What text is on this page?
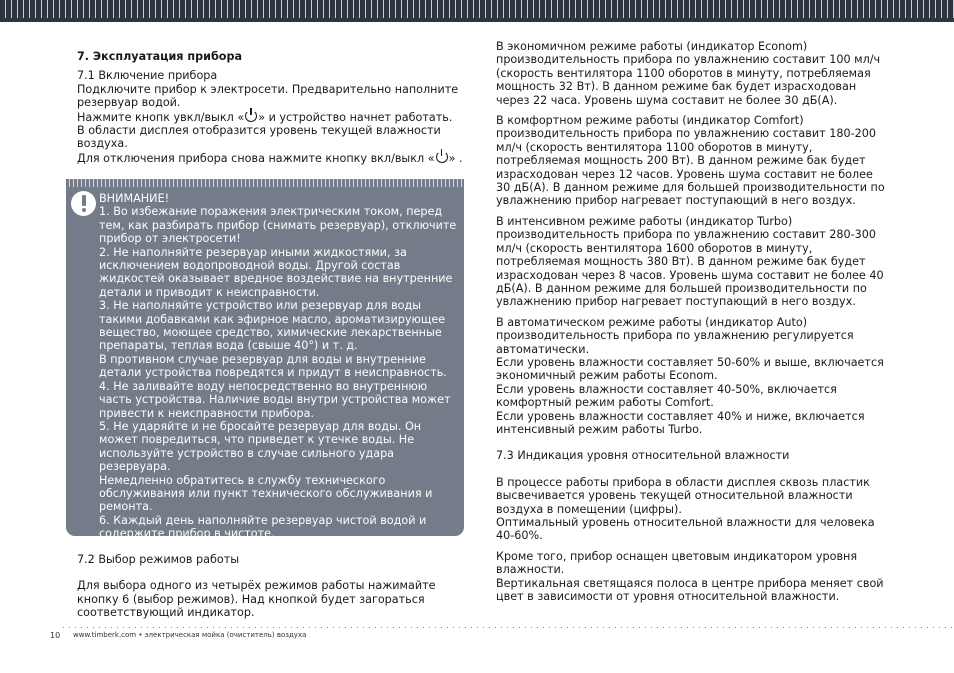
7. Эксплуатация прибора

7.1 Включение прибора

Подключите прибор к электросети. Предварительно наполните резервуар водой.

Нажмите кнопк увкл/выкл « » и устройство начнет работать.

В области дисплея отобразится уровень текущей влажности воздуха.

Для отключения прибора снова нажмите кнопку вкл/выкл « » .

ВНИМАНИЕ!

1. Во избежание поражения электрическим током, перед тем, как разбирать прибор (снимать резервуар), отключите прибор от электросети!

2. Не наполняйте резервуар иными жидкостями, за исключением водопроводной воды. Другой состав жидкостей оказывает вредное воздействие на внутренние детали и приводит к неисправности.

3. Не наполняйте устройство или резервуар для воды такими добавками как эфирное масло, ароматизирующее вещество, моющее средство, химические лекарственные препараты, теплая вода (свыше 40°) и т. д.

В противном случае резервуар для воды и внутренние детали устройства повредятся и придут в неисправность.

4. Не заливайте воду непосредственно во внутреннюю часть устройства. Наличие воды внутри устройства может привести к неисправности прибора.

5. Не ударяйте и не бросайте резервуар для воды. Он может повредиться, что приведет к утечке воды. Не используйте устройство в случае сильного удара резервуара.

Немедленно обратитесь в службу технического обслуживания или пункт технического обслуживания и ремонта.

6. Каждый день наполняйте резервуар чистой водой и содержите прибор в чистоте.

7.2 Выбор режимов работы

Для выбора одного из четырёх режимов работы нажимайте кнопку 6 (выбор режимов). Над кнопкой будет загораться соответствующий индикатор.

В экономичном режиме работы (индикатор Econom) производительность прибора по увлажнению составит 100 мл/ч (скорость вентилятора 1100 оборотов в минуту, потребляемая мощность 32 Вт). В данном режиме бак будет израсходован через 22 часа. Уровень шума составит не более 30 дБ(А).

В комфортном режиме работы (индикатор Comfort) производительность прибора по увлажнению составит 180-200 мл/ч (скорость вентилятора 1100 оборотов в минуту, потребляемая мощность 200 Вт). В данном режиме бак будет израсходован через 12 часов. Уровень шума составит не более 30 дБ(А). В данном режиме для большей производительности по увлажнению прибор нагревает поступающий в него воздух.

В интенсивном режиме работы (индикатор Turbo) производительность прибора по увлажнению составит 280-300 мл/ч (скорость вентилятора 1600 оборотов в минуту, потребляемая мощность 380 Вт). В данном режиме бак будет израсходован через 8 часов. Уровень шума составит не более 40 дБ(А). В данном режиме для большей производительности по увлажнению прибор нагревает поступающий в него воздух.

В автоматическом режиме работы (индикатор Auto) производительность прибора по увлажнению регулируется автоматически.

Если уровень влажности составляет 50-60% и выше, включается экономичный режим работы Econom.

Если уровень влажности составляет 40-50%, включается комфортный режим работы Comfort.

Если уровень влажности составляет 40% и ниже, включается интенсивный режим работы Turbo.

7.3 Индикация уровня относительной влажности

В процессе работы прибора в области дисплея сквозь пластик высвечивается уровень текущей относительной влажности воздуха в помещении (цифры).

Оптимальный уровень относительной влажности для человека 40-60%.

Кроме того, прибор оснащен цветовым индикатором уровня влажности.

Вертикальная светящаяся полоса в центре прибора меняет свой цвет в зависимости от уровня относительной влажности.

10 www.timberk.com • электрическая мойка (очиститель) воздуха
